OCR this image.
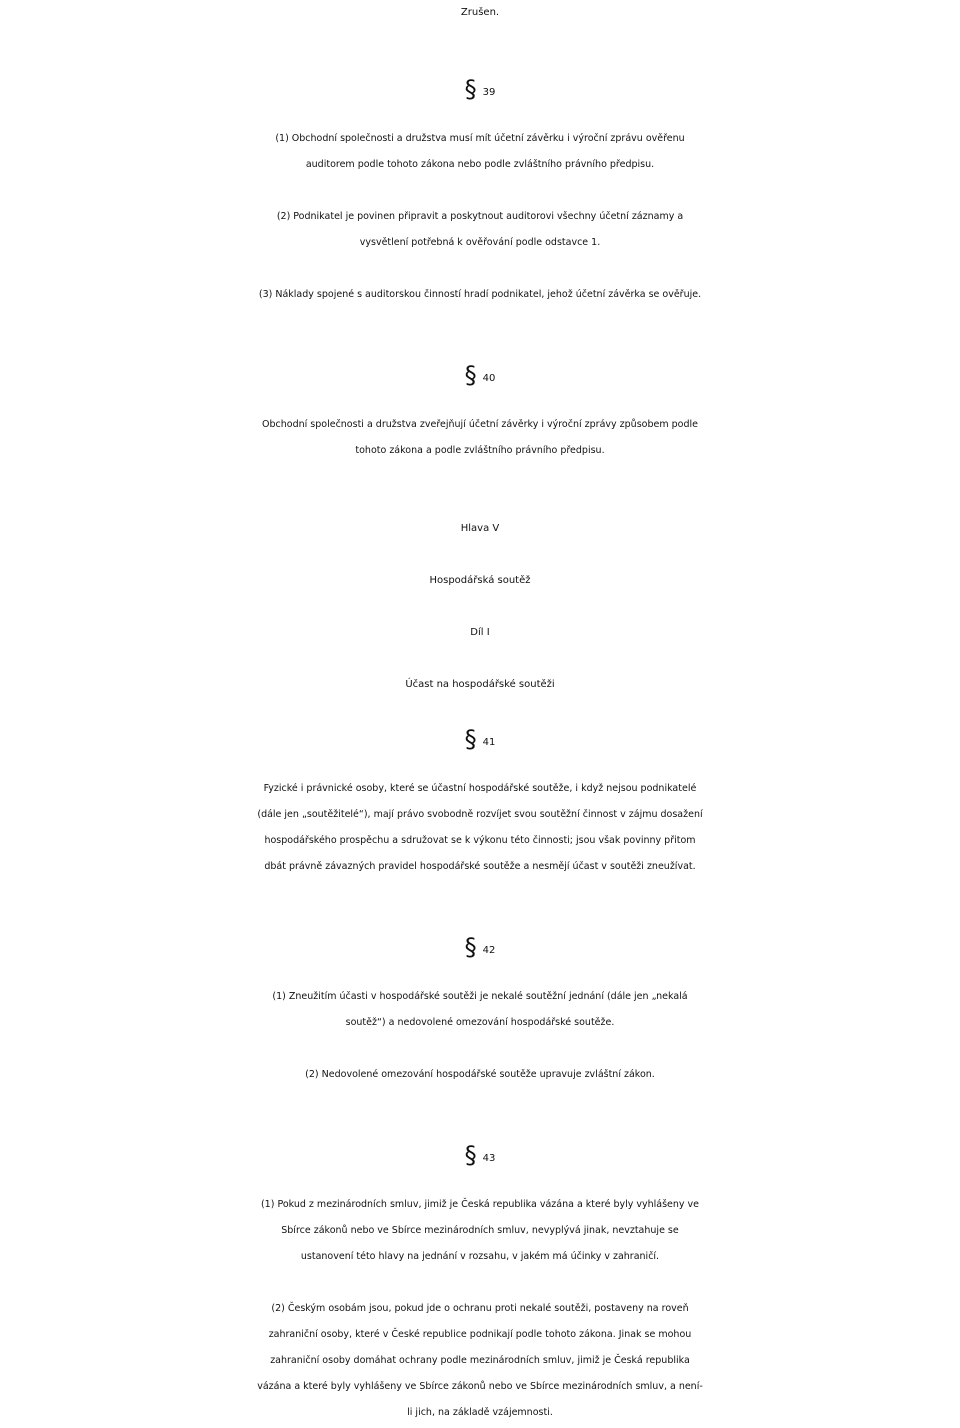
Zrušen.
§ 39
(1) Obchodní společnosti a družstva musí mít účetní závěrku i výroční zprávu ověřenu
auditorem podle tohoto zákona nebo podle zvláštního právního předpisu.
(2) Podnikatel je povinen připravit a poskytnout auditorovi všechny účetní záznamy a
vysvětlení potřebná k ověřování podle odstavce 1.
(3) Náklady spojené s auditorskou činností hradí podnikatel, jehož účetní závěrka se ověřuje.
§ 40
Obchodní společnosti a družstva zveřejňují účetní závěrky i výroční zprávy způsobem podle
tohoto zákona a podle zvláštního právního předpisu.
Hlava V
Hospodářská soutěž
Díl I
Účast na hospodářské soutěži
§ 41
Fyzické i právnické osoby, které se účastní hospodářské soutěže, i když nejsou podnikatelé
(dále jen „soutěžitelé“), mají právo svobodně rozvíjet svou soutěžní činnost v zájmu dosažení
hospodářského prospěchu a sdružovat se k výkonu této činnosti; jsou však povinny přitom
dbát právně závazných pravidel hospodářské soutěže a nesmějí účast v soutěži zneužívat.
§ 42
(1) Zneužitím účasti v hospodářské soutěži je nekalé soutěžní jednání (dále jen „nekalá
soutěž“) a nedovolené omezování hospodářské soutěže.
(2) Nedovolené omezování hospodářské soutěže upravuje zvláštní zákon.
§ 43
(1) Pokud z mezinárodních smluv, jimiž je Česká republika vázána a které byly vyhlášeny ve
Sbírce zákonů nebo ve Sbírce mezinárodních smluv, nevyplývá jinak, nevztahuje se
ustanovení této hlavy na jednání v rozsahu, v jakém má účinky v zahraničí.
(2) Českým osobám jsou, pokud jde o ochranu proti nekalé soutěži, postaveny na roveň
zahraniční osoby, které v České republice podnikají podle tohoto zákona. Jinak se mohou
zahraniční osoby domáhat ochrany podle mezinárodních smluv, jimiž je Česká republika
vázána a které byly vyhlášeny ve Sbírce zákonů nebo ve Sbírce mezinárodních smluv, a není-
li jich, na základě vzájemnosti.
